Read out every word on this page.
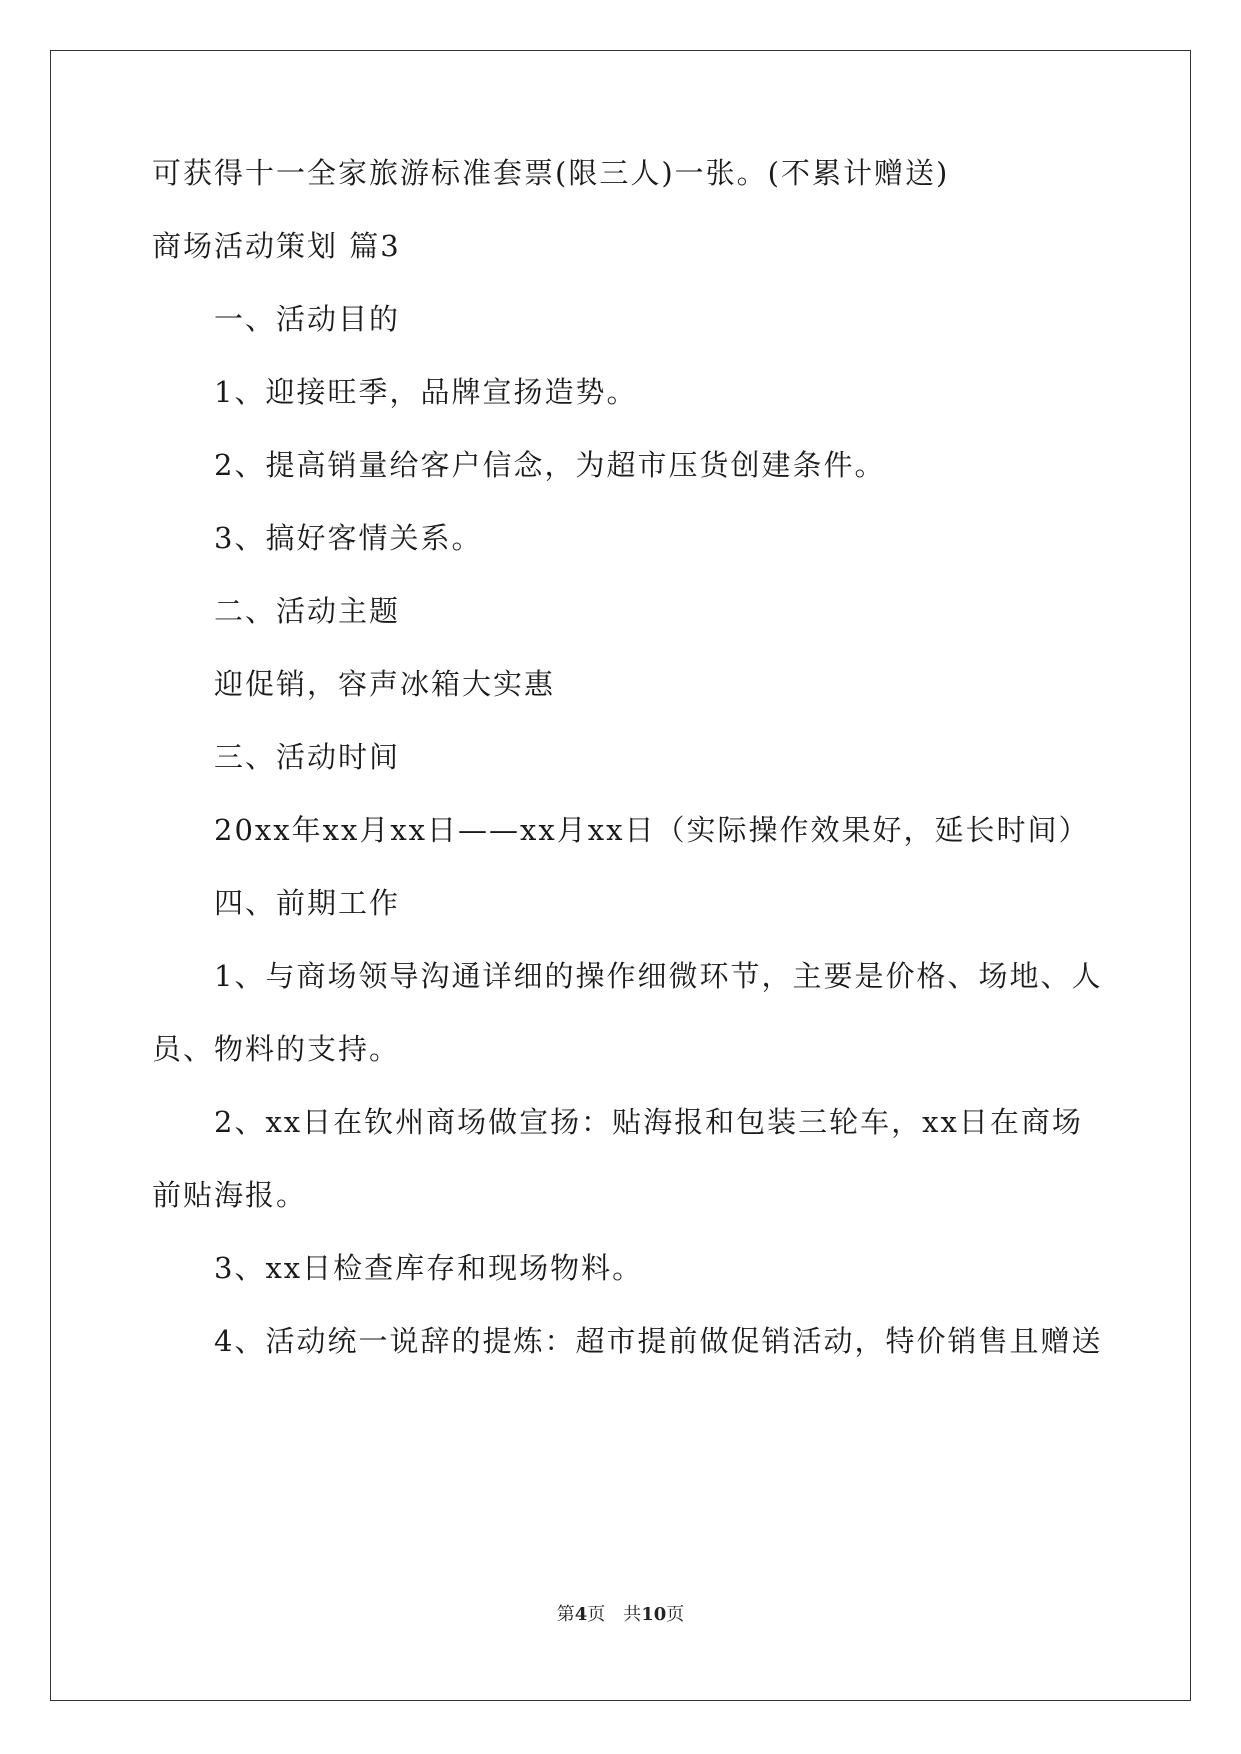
可获得十一全家旅游标准套票(限三人)一张。(不累计赠送)
商场活动策划 篇3
一、活动目的
1、迎接旺季，品牌宣扬造势。
2、提高销量给客户信念，为超市压货创建条件。
3、搞好客情关系。
二、活动主题
迎促销，容声冰箱大实惠
三、活动时间
20xx年xx月xx日——xx月xx日（实际操作效果好，延长时间）
四、前期工作
1、与商场领导沟通详细的操作细微环节，主要是价格、场地、人
员、物料的支持。
2、xx日在钦州商场做宣扬：贴海报和包装三轮车，xx日在商场
前贴海报。
3、xx日检查库存和现场物料。
4、活动统一说辞的提炼：超市提前做促销活动，特价销售且赠送
第4页 共10页
